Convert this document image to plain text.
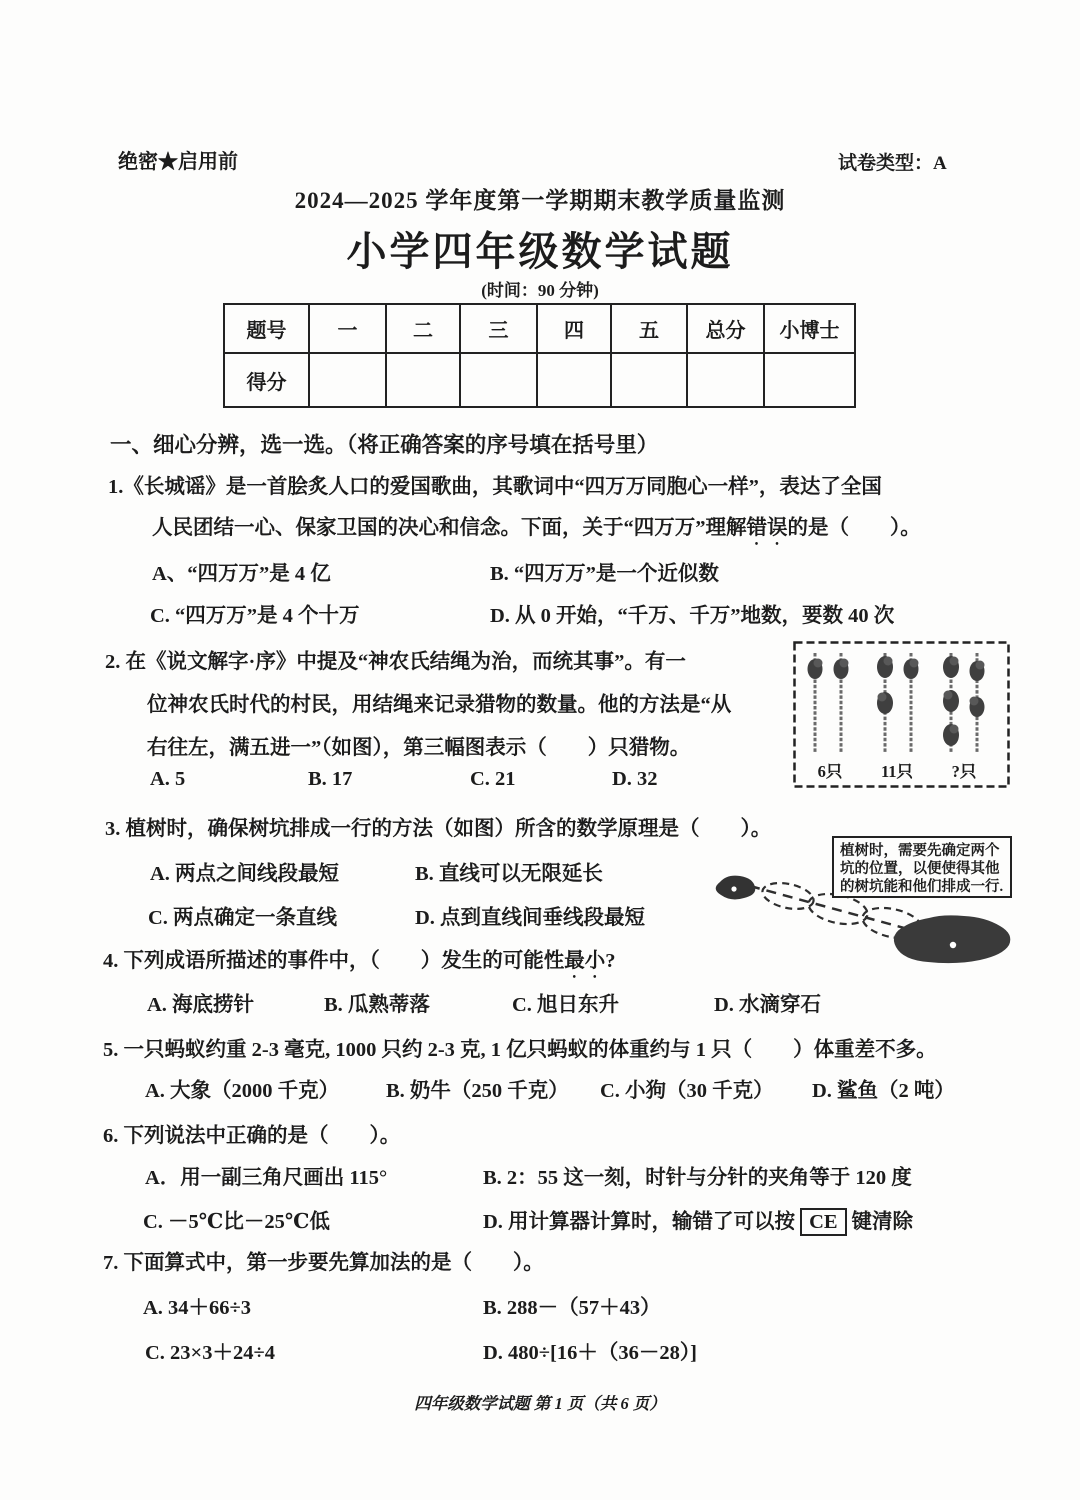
绝密★启用前	试卷类型：A
2024—2025 学年度第一学期期末教学质量监测
小学四年级数学试题
(时间：90 分钟)
题号	一	二	三	四	五	总分	小博士
得分							
一、细心分辨，选一选。（将正确答案的序号填在括号里）
1.《长城谣》是一首脍炙人口的爱国歌曲，其歌词中“四万万同胞心一样”，表达了全国
人民团结一心、保家卫国的决心和信念。下面，关于“四万万”理解错误的是（　　）。
A、“四万万”是 4 亿	B. “四万万”是一个近似数
C. “四万万”是 4 个十万	D. 从 0 开始，“千万、千万”地数，要数 40 次
2. 在《说文解字·序》中提及“神农氏结绳为治，而统其事”。有一
位神农氏时代的村民，用结绳来记录猎物的数量。他的方法是“从
右往左，满五进一”（如图），第三幅图表示（　　）只猎物。
A. 5	B. 17	C. 21	D. 32	6只 11只 ?只
3. 植树时，确保树坑排成一行的方法（如图）所含的数学原理是（　　）。
A. 两点之间线段最短	B. 直线可以无限延长
C. 两点确定一条直线	D. 点到直线间垂线段最短
植树时，需要先确定两个
坑的位置，以便使得其他
的树坑能和他们排成一行.
4. 下列成语所描述的事件中，（　　）发生的可能性最小?
A. 海底捞针	B. 瓜熟蒂落	C. 旭日东升	D. 水滴穿石
5. 一只蚂蚁约重 2-3 毫克, 1000 只约 2-3 克, 1 亿只蚂蚁的体重约与 1 只（　　）体重差不多。
A. 大象（2000 千克） B. 奶牛（250 千克） C. 小狗（30 千克） D. 鲨鱼（2 吨）
6. 下列说法中正确的是（　　）。
A．用一副三角尺画出 115°	B. 2：55 这一刻，时针与分针的夹角等于 120 度
C. －5℃比－25℃低	D. 用计算器计算时，输错了可以按 CE 键清除
7. 下面算式中，第一步要先算加法的是（　　）。
A. 34＋66÷3	B. 288－（57＋43）
C. 23×3＋24÷4	D. 480÷[16＋（36－28）]
四年级数学试题 第 1 页（共 6 页）
